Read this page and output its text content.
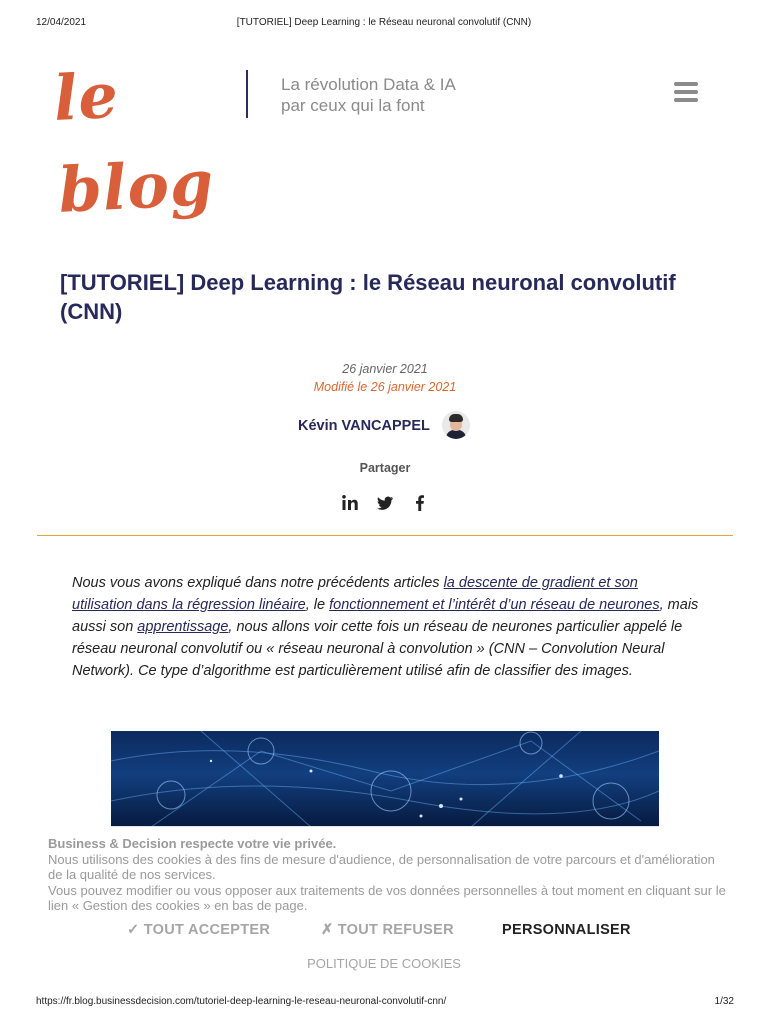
12/04/2021	[TUTORIEL] Deep Learning : le Réseau neuronal convolutif (CNN)
le blog
La révolution Data & IA
par ceux qui la font
[TUTORIEL] Deep Learning : le Réseau neuronal convolutif (CNN)
26 janvier 2021
Modifié le 26 janvier 2021
Kévin VANCAPPEL
Partager

Nous vous avons expliqué dans notre précédents articles la descente de gradient et son utilisation dans la régression linéaire, le fonctionnement et l’intérêt d’un réseau de neurones, mais aussi son apprentissage, nous allons voir cette fois un réseau de neurones particulier appelé le réseau neuronal convolutif ou « réseau neuronal à convolution » (CNN – Convolution Neural Network). Ce type d’algorithme est particulièrement utilisé afin de classifier des images.

Business & Decision respecte votre vie privée.
Nous utilisons des cookies à des fins de mesure d'audience, de personnalisation de votre parcours et d'amélioration de la qualité de nos services.
Vous pouvez modifier ou vous opposer aux traitements de vos données personnelles à tout moment en cliquant sur le lien « Gestion des cookies » en bas de page.
✓ TOUT ACCEPTER	✗ TOUT REFUSER	PERSONNALISER
POLITIQUE DE COOKIES
https://fr.blog.businessdecision.com/tutoriel-deep-learning-le-reseau-neuronal-convolutif-cnn/	1/32
